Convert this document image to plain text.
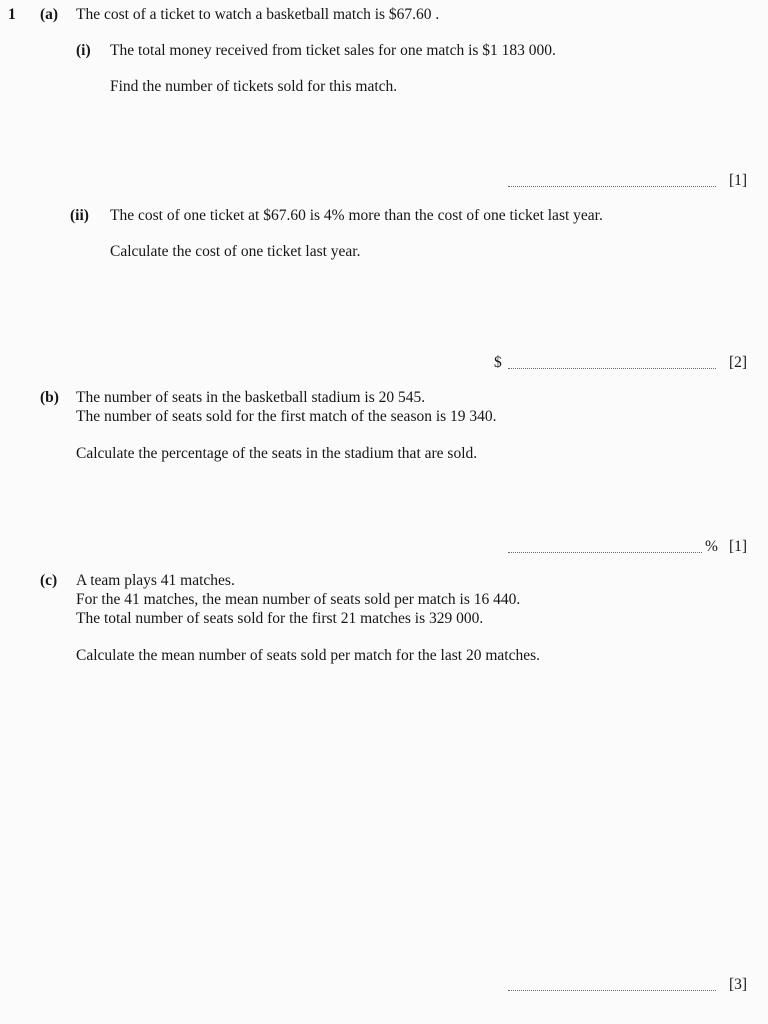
1 (a) The cost of a ticket to watch a basketball match is $67.60 .
(i) The total money received from ticket sales for one match is $1 183 000.
Find the number of tickets sold for this match.
[1]
(ii) The cost of one ticket at $67.60 is 4% more than the cost of one ticket last year.
Calculate the cost of one ticket last year.
$	[2]
(b) The number of seats in the basketball stadium is 20 545.
The number of seats sold for the first match of the season is 19 340.
Calculate the percentage of the seats in the stadium that are sold.
% [1]
(c) A team plays 41 matches.
For the 41 matches, the mean number of seats sold per match is 16 440.
The total number of seats sold for the first 21 matches is 329 000.
Calculate the mean number of seats sold per match for the last 20 matches.
[3]
